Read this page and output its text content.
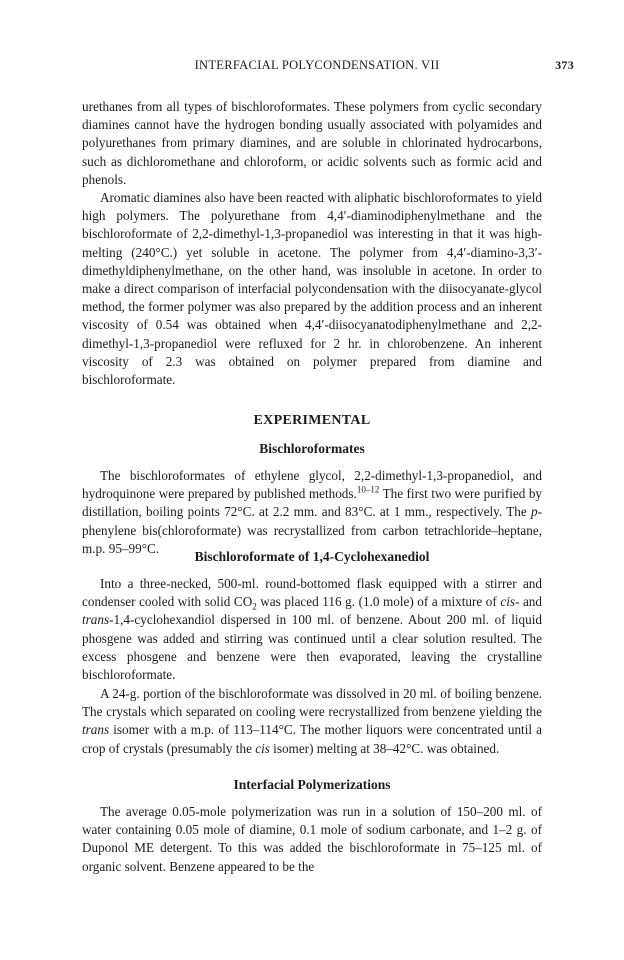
INTERFACIAL POLYCONDENSATION. VII	373

urethanes from all types of bischloroformates. These polymers from cyclic secondary diamines cannot have the hydrogen bonding usually associated with polyamides and polyurethanes from primary diamines, and are soluble in chlorinated hydrocarbons, such as dichloromethane and chloroform, or acidic solvents such as formic acid and phenols.

Aromatic diamines also have been reacted with aliphatic bischloroformates to yield high polymers. The polyurethane from 4,4′-diaminodiphenylmethane and the bischloroformate of 2,2-dimethyl-1,3-propanediol was interesting in that it was high-melting (240°C.) yet soluble in acetone. The polymer from 4,4′-diamino-3,3′-dimethyldiphenylmethane, on the other hand, was insoluble in acetone. In order to make a direct comparison of interfacial polycondensation with the diisocyanate-glycol method, the former polymer was also prepared by the addition process and an inherent viscosity of 0.54 was obtained when 4,4′-diisocyanatodiphenylmethane and 2,2-dimethyl-1,3-propanediol were refluxed for 2 hr. in chlorobenzene. An inherent viscosity of 2.3 was obtained on polymer prepared from diamine and bischloroformate.

EXPERIMENTAL
Bischloroformates

The bischloroformates of ethylene glycol, 2,2-dimethyl-1,3-propanediol, and hydroquinone were prepared by published methods.$^{10-12}$ The first two were purified by distillation, boiling points 72°C. at 2.2 mm. and 83°C. at 1 mm., respectively. The p-phenylene bis(chloroformate) was recrystallized from carbon tetrachloride–heptane, m.p. 95–99°C.

Bischloroformate of 1,4-Cyclohexanediol

Into a three-necked, 500-ml. round-bottomed flask equipped with a stirrer and condenser cooled with solid $CO_2$ was placed 116 g. (1.0 mole) of a mixture of cis- and trans-1,4-cyclohexandiol dispersed in 100 ml. of benzene. About 200 ml. of liquid phosgene was added and stirring was continued until a clear solution resulted. The excess phosgene and benzene were then evaporated, leaving the crystalline bischloroformate.

A 24-g. portion of the bischloroformate was dissolved in 20 ml. of boiling benzene. The crystals which separated on cooling were recrystallized from benzene yielding the trans isomer with a m.p. of 113–114°C. The mother liquors were concentrated until a crop of crystals (presumably the cis isomer) melting at 38–42°C. was obtained.

Interfacial Polymerizations

The average 0.05-mole polymerization was run in a solution of 150–200 ml. of water containing 0.05 mole of diamine, 0.1 mole of sodium carbonate, and 1–2 g. of Duponol ME detergent. To this was added the bischloroformate in 75–125 ml. of organic solvent. Benzene appeared to be the
